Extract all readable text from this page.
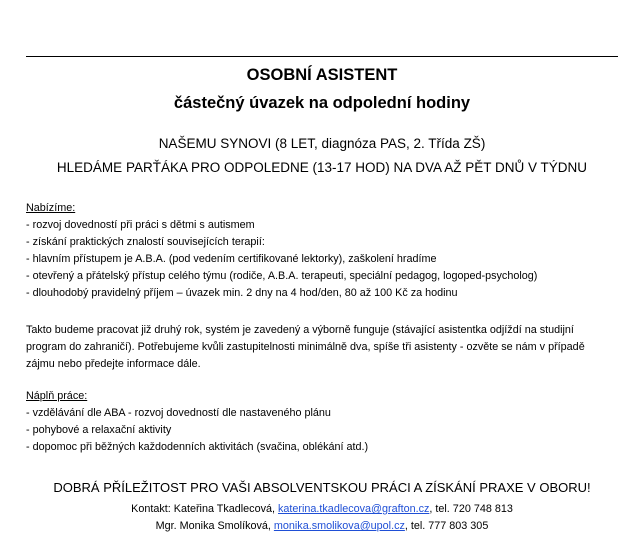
OSOBNÍ ASISTENT
částečný úvazek na odpolední hodiny
NAŠEMU SYNOVI (8 LET, diagnóza PAS, 2. Třída ZŠ)
HLEDÁME PARŤÁKA PRO ODPOLEDNE (13-17 HOD) NA DVA AŽ PĚT DNŮ V TÝDNU
Nabízíme:
- rozvoj dovedností při práci s dětmi s autismem
- získání praktických znalostí souvisejících terapií:
- hlavním přístupem je A.B.A. (pod vedením certifikované lektorky), zaškolení hradíme
- otevřený a přátelský přístup celého týmu (rodiče, A.B.A. terapeuti, speciální pedagog, logoped-psycholog)
- dlouhodobý pravidelný příjem – úvazek min. 2 dny na 4 hod/den, 80 až 100 Kč za hodinu
Takto budeme pracovat již druhý rok, systém je zavedený a výborně funguje (stávající asistentka odjíždí na studijní
program do zahraničí). Potřebujeme kvůli zastupitelnosti minimálně dva, spíše tři asistenty - ozvěte se nám v případě
zájmu nebo předejte informace dále.
Náplň práce:
- vzdělávání dle ABA - rozvoj dovedností dle nastaveného plánu
- pohybové a relaxační aktivity
- dopomoc při běžných každodenních aktivitách (svačina, oblékání atd.)
DOBRÁ PŘÍLEŽITOST PRO VAŠI ABSOLVENTSKOU PRÁCI A ZÍSKÁNÍ PRAXE V OBORU!
Kontakt: Kateřina Tkadlecová, katerina.tkadlecova@grafton.cz, tel. 720 748 813
Mgr. Monika Smolíková, monika.smolikova@upol.cz, tel. 777 803 305
